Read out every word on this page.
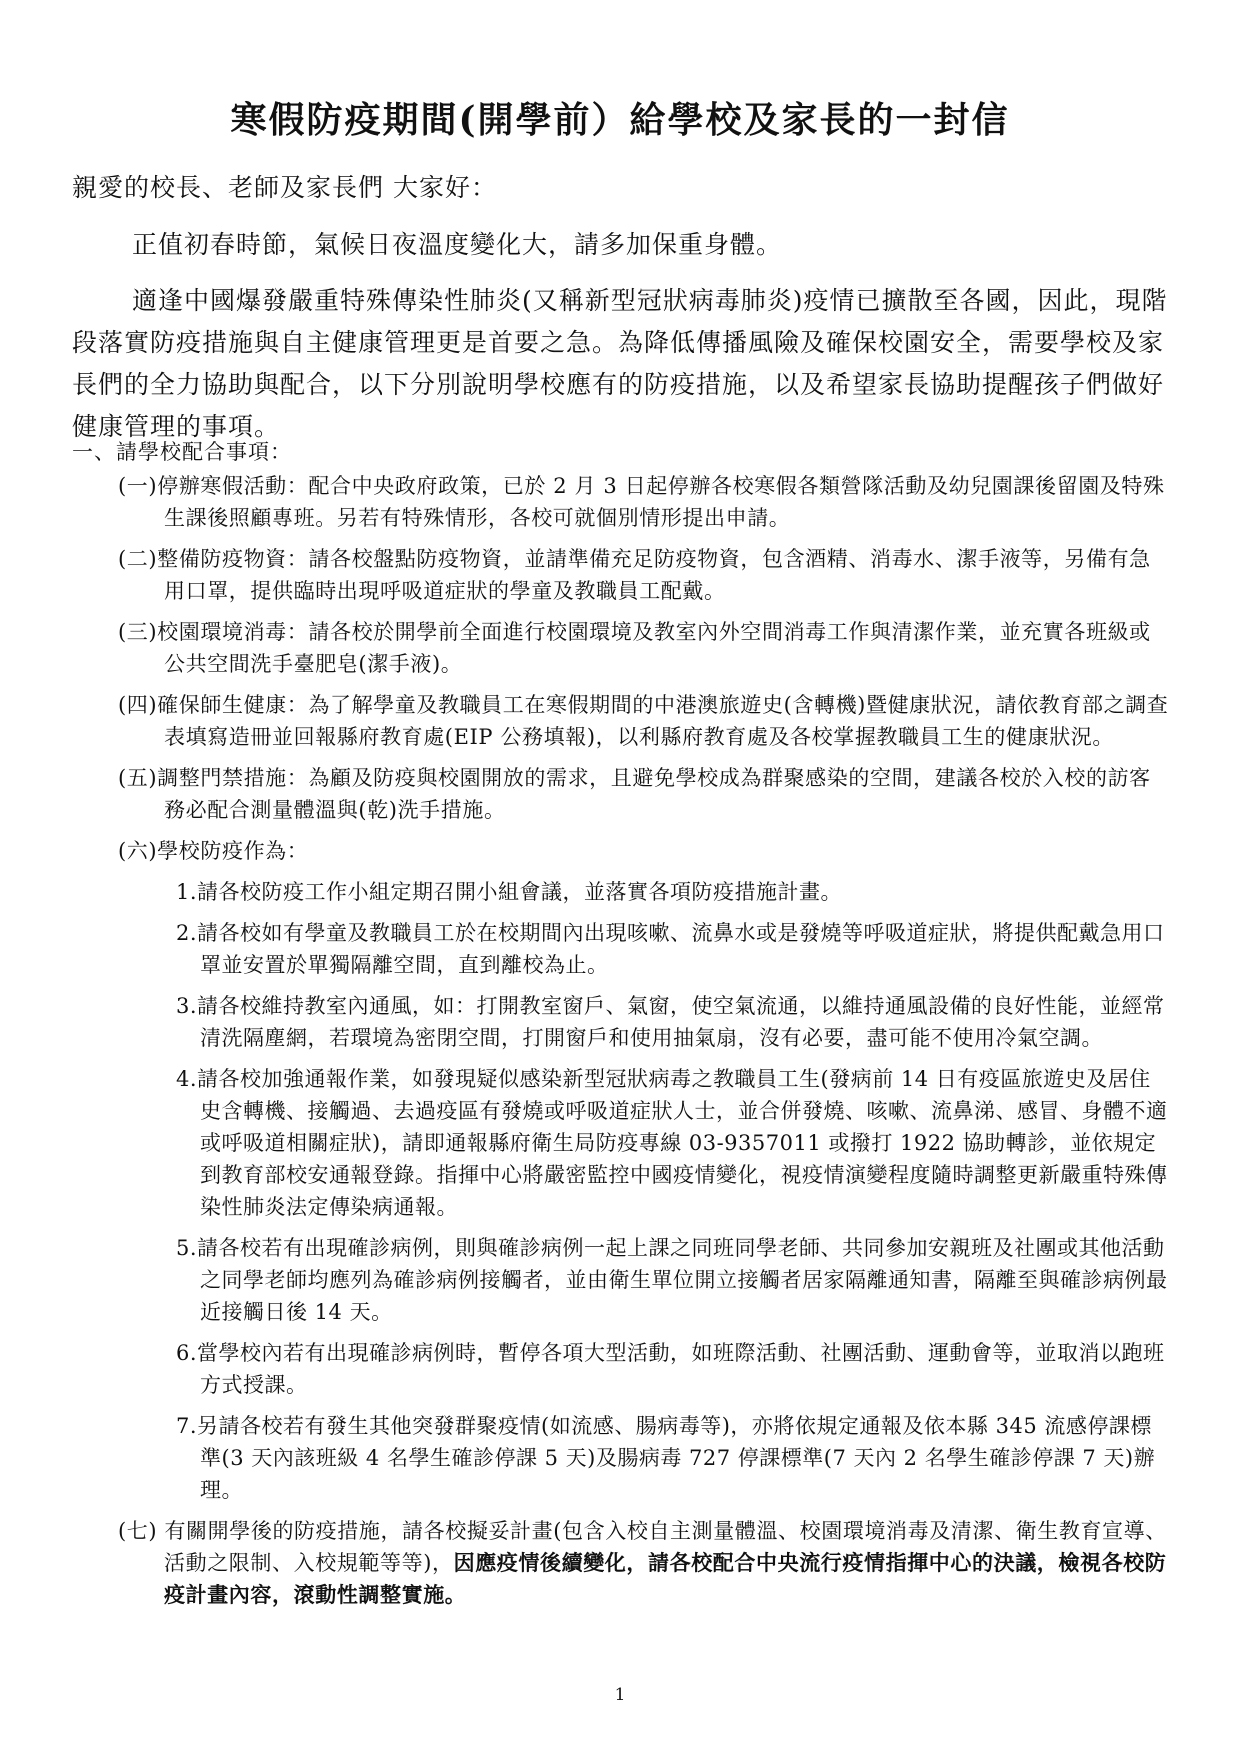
寒假防疫期間(開學前）給學校及家長的一封信
親愛的校長、老師及家長們 大家好：

正值初春時節，氣候日夜溫度變化大，請多加保重身體。

適逢中國爆發嚴重特殊傳染性肺炎(又稱新型冠狀病毒肺炎)疫情已擴散至各國，因此，現階段落實防疫措施與自主健康管理更是首要之急。為降低傳播風險及確保校園安全，需要學校及家長們的全力協助與配合，以下分別說明學校應有的防疫措施，以及希望家長協助提醒孩子們做好健康管理的事項。

一、請學校配合事項：

(一)停辦寒假活動：配合中央政府政策，已於 2 月 3 日起停辦各校寒假各類營隊活動及幼兒園課後留園及特殊生課後照顧專班。另若有特殊情形，各校可就個別情形提出申請。

(二)整備防疫物資：請各校盤點防疫物資，並請準備充足防疫物資，包含酒精、消毒水、潔手液等，另備有急用口罩，提供臨時出現呼吸道症狀的學童及教職員工配戴。

(三)校園環境消毒：請各校於開學前全面進行校園環境及教室內外空間消毒工作與清潔作業，並充實各班級或公共空間洗手臺肥皂(潔手液)。

(四)確保師生健康：為了解學童及教職員工在寒假期間的中港澳旅遊史(含轉機)暨健康狀況，請依教育部之調查表填寫造冊並回報縣府教育處(EIP 公務填報)，以利縣府教育處及各校掌握教職員工生的健康狀況。

(五)調整門禁措施：為顧及防疫與校園開放的需求，且避免學校成為群聚感染的空間，建議各校於入校的訪客務必配合測量體溫與(乾)洗手措施。

(六)學校防疫作為：

1.請各校防疫工作小組定期召開小組會議，並落實各項防疫措施計畫。

2.請各校如有學童及教職員工於在校期間內出現咳嗽、流鼻水或是發燒等呼吸道症狀，將提供配戴急用口罩並安置於單獨隔離空間，直到離校為止。

3.請各校維持教室內通風，如：打開教室窗戶、氣窗，使空氣流通，以維持通風設備的良好性能，並經常清洗隔塵網，若環境為密閉空間，打開窗戶和使用抽氣扇，沒有必要，盡可能不使用冷氣空調。

4.請各校加強通報作業，如發現疑似感染新型冠狀病毒之教職員工生(發病前 14 日有疫區旅遊史及居住史含轉機、接觸過、去過疫區有發燒或呼吸道症狀人士，並合併發燒、咳嗽、流鼻涕、感冒、身體不適或呼吸道相關症狀)，請即通報縣府衛生局防疫專線 03-9357011 或撥打 1922 協助轉診，並依規定到教育部校安通報登錄。指揮中心將嚴密監控中國疫情變化，視疫情演變程度隨時調整更新嚴重特殊傳染性肺炎法定傳染病通報。

5.請各校若有出現確診病例，則與確診病例一起上課之同班同學老師、共同參加安親班及社團或其他活動之同學老師均應列為確診病例接觸者，並由衛生單位開立接觸者居家隔離通知書，隔離至與確診病例最近接觸日後 14 天。

6.當學校內若有出現確診病例時，暫停各項大型活動，如班際活動、社團活動、運動會等，並取消以跑班方式授課。

7.另請各校若有發生其他突發群聚疫情(如流感、腸病毒等)，亦將依規定通報及依本縣 345 流感停課標準(3 天內該班級 4 名學生確診停課 5 天)及腸病毒 727 停課標準(7 天內 2 名學生確診停課 7 天)辦理。

(七) 有關開學後的防疫措施，請各校擬妥計畫(包含入校自主測量體溫、校園環境消毒及清潔、衛生教育宣導、活動之限制、入校規範等等)，因應疫情後續變化，請各校配合中央流行疫情指揮中心的決議，檢視各校防疫計畫內容，滾動性調整實施。

1
